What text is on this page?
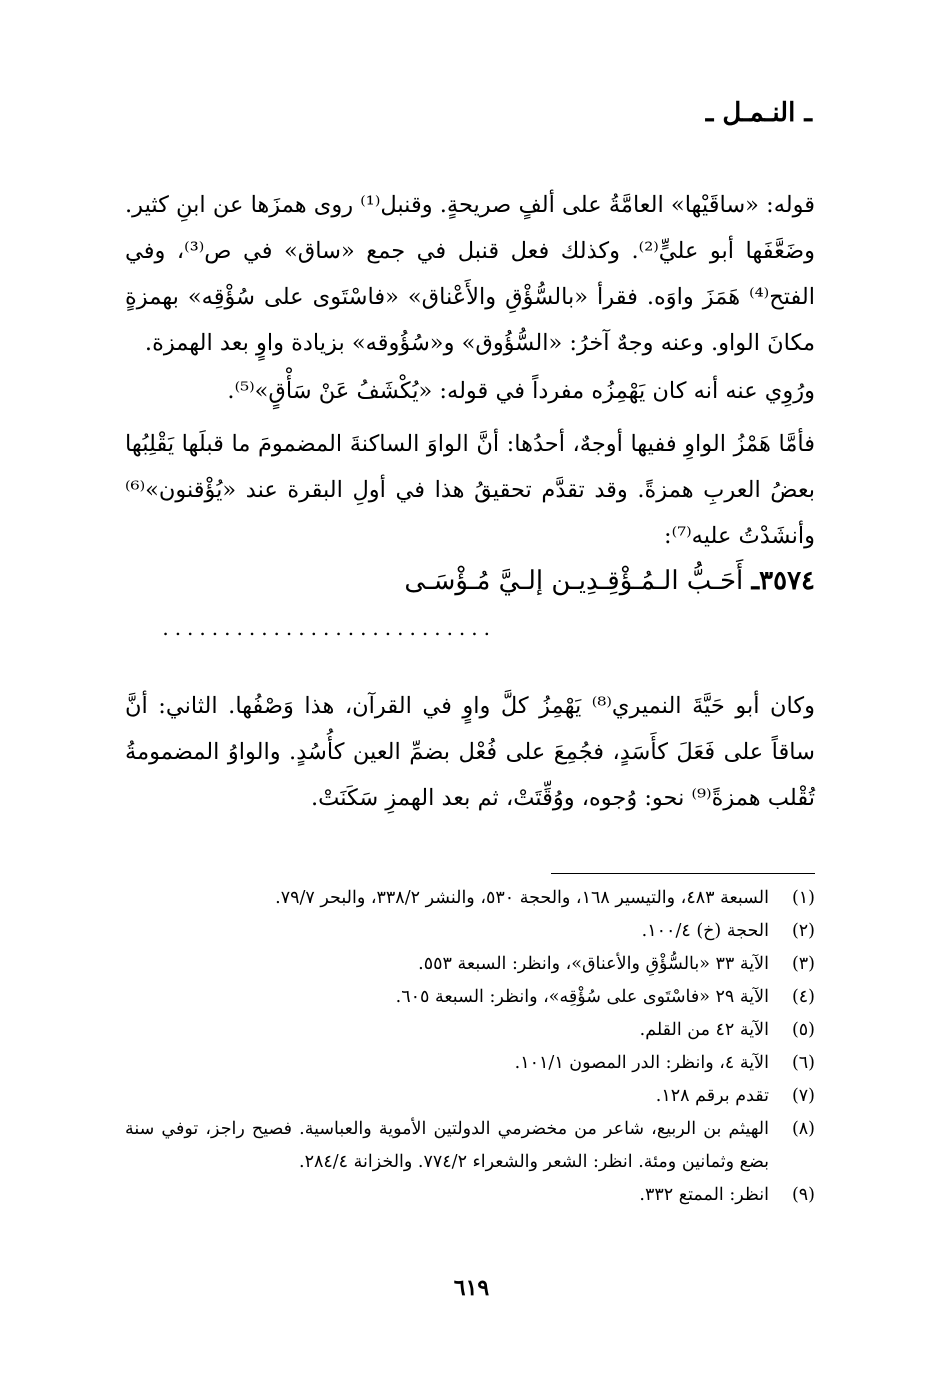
ـ النـمـل ـ

قوله: «ساقَيْها» العامَّةُ على ألفٍ صريحةٍ. وقنبل⁽¹⁾ روى همزَها عن ابنِ كثير. وضَعَّفَها أبو عليٍّ⁽²⁾. وكذلك فعل قنبل في جمع «ساق» في ص⁽³⁾، وفي الفتح⁽⁴⁾ هَمَزَ واوَه. فقرأ «بالسُّؤْقِ والأَعْناق» «فاسْتَوى على سُؤْقِه» بهمزةٍ مكانَ الواو. وعنه وجهٌ آخرُ: «السُّؤُوق» و«سُؤُوقه» بزيادة واوٍ بعد الهمزة.

ورُوِي عنه أنه كان يَهْمِزُه مفرداً في قوله: «يُكْشَفُ عَنْ سَأْقٍ»⁽⁵⁾.

فأمَّا هَمْزُ الواوِ ففيها أوجهٌ، أحدُها: أنَّ الواوَ الساكنةَ المضمومَ ما قبلَها يَقْلِبُها بعضُ العربِ همزةً. وقد تقدَّم تحقيقُ هذا في أولِ البقرة عند «يُؤْقنون»⁽⁶⁾ وأنشَدْتُ عليه⁽⁷⁾:

٣٥٧٤ـ أَحَـبُّ الـمُـؤْقِـدِيـن إلـيَّ مُـؤْسَـى
...........................

وكان أبو حَيَّةَ النميري⁽⁸⁾ يَهْمِزُ كلَّ واوٍ في القرآن، هذا وَصْفُها. الثاني: أنَّ ساقاً على فَعَلَ كأَسَدٍ، فجُمِعَ على فُعْل بضمِّ العين كأُسُدٍ. والواوُ المضمومةُ تُقْلب همزةً⁽⁹⁾ نحو: وُجوه، ووُقِّتَتْ، ثم بعد الهمزِ سَكَنَتْ.

(١)
السبعة ٤٨٣، والتيسير ١٦٨، والحجة ٥٣٠، والنشر ٣٣٨/٢، والبحر ٧٩/٧.
(٢)
الحجة (خ) ١٠٠/٤.
(٣)
الآية ٣٣ «بالسُّؤْقِ والأعناق»، وانظر: السبعة ٥٥٣.
(٤)
الآية ٢٩ «فاسْتَوى على سُؤْقِه»، وانظر: السبعة ٦٠٥.
(٥)
الآية ٤٢ من القلم.
(٦)
الآية ٤، وانظر: الدر المصون ١٠١/١.
(٧)
تقدم برقم ١٢٨.
(٨)
الهيثم بن الربيع، شاعر من مخضرمي الدولتين الأموية والعباسية. فصيح راجز، توفي سنة بضع وثمانين ومئة. انظر: الشعر والشعراء ٧٧٤/٢. والخزانة ٢٨٤/٤.
(٩)
انظر: الممتع ٣٣٢.
٦١٩
